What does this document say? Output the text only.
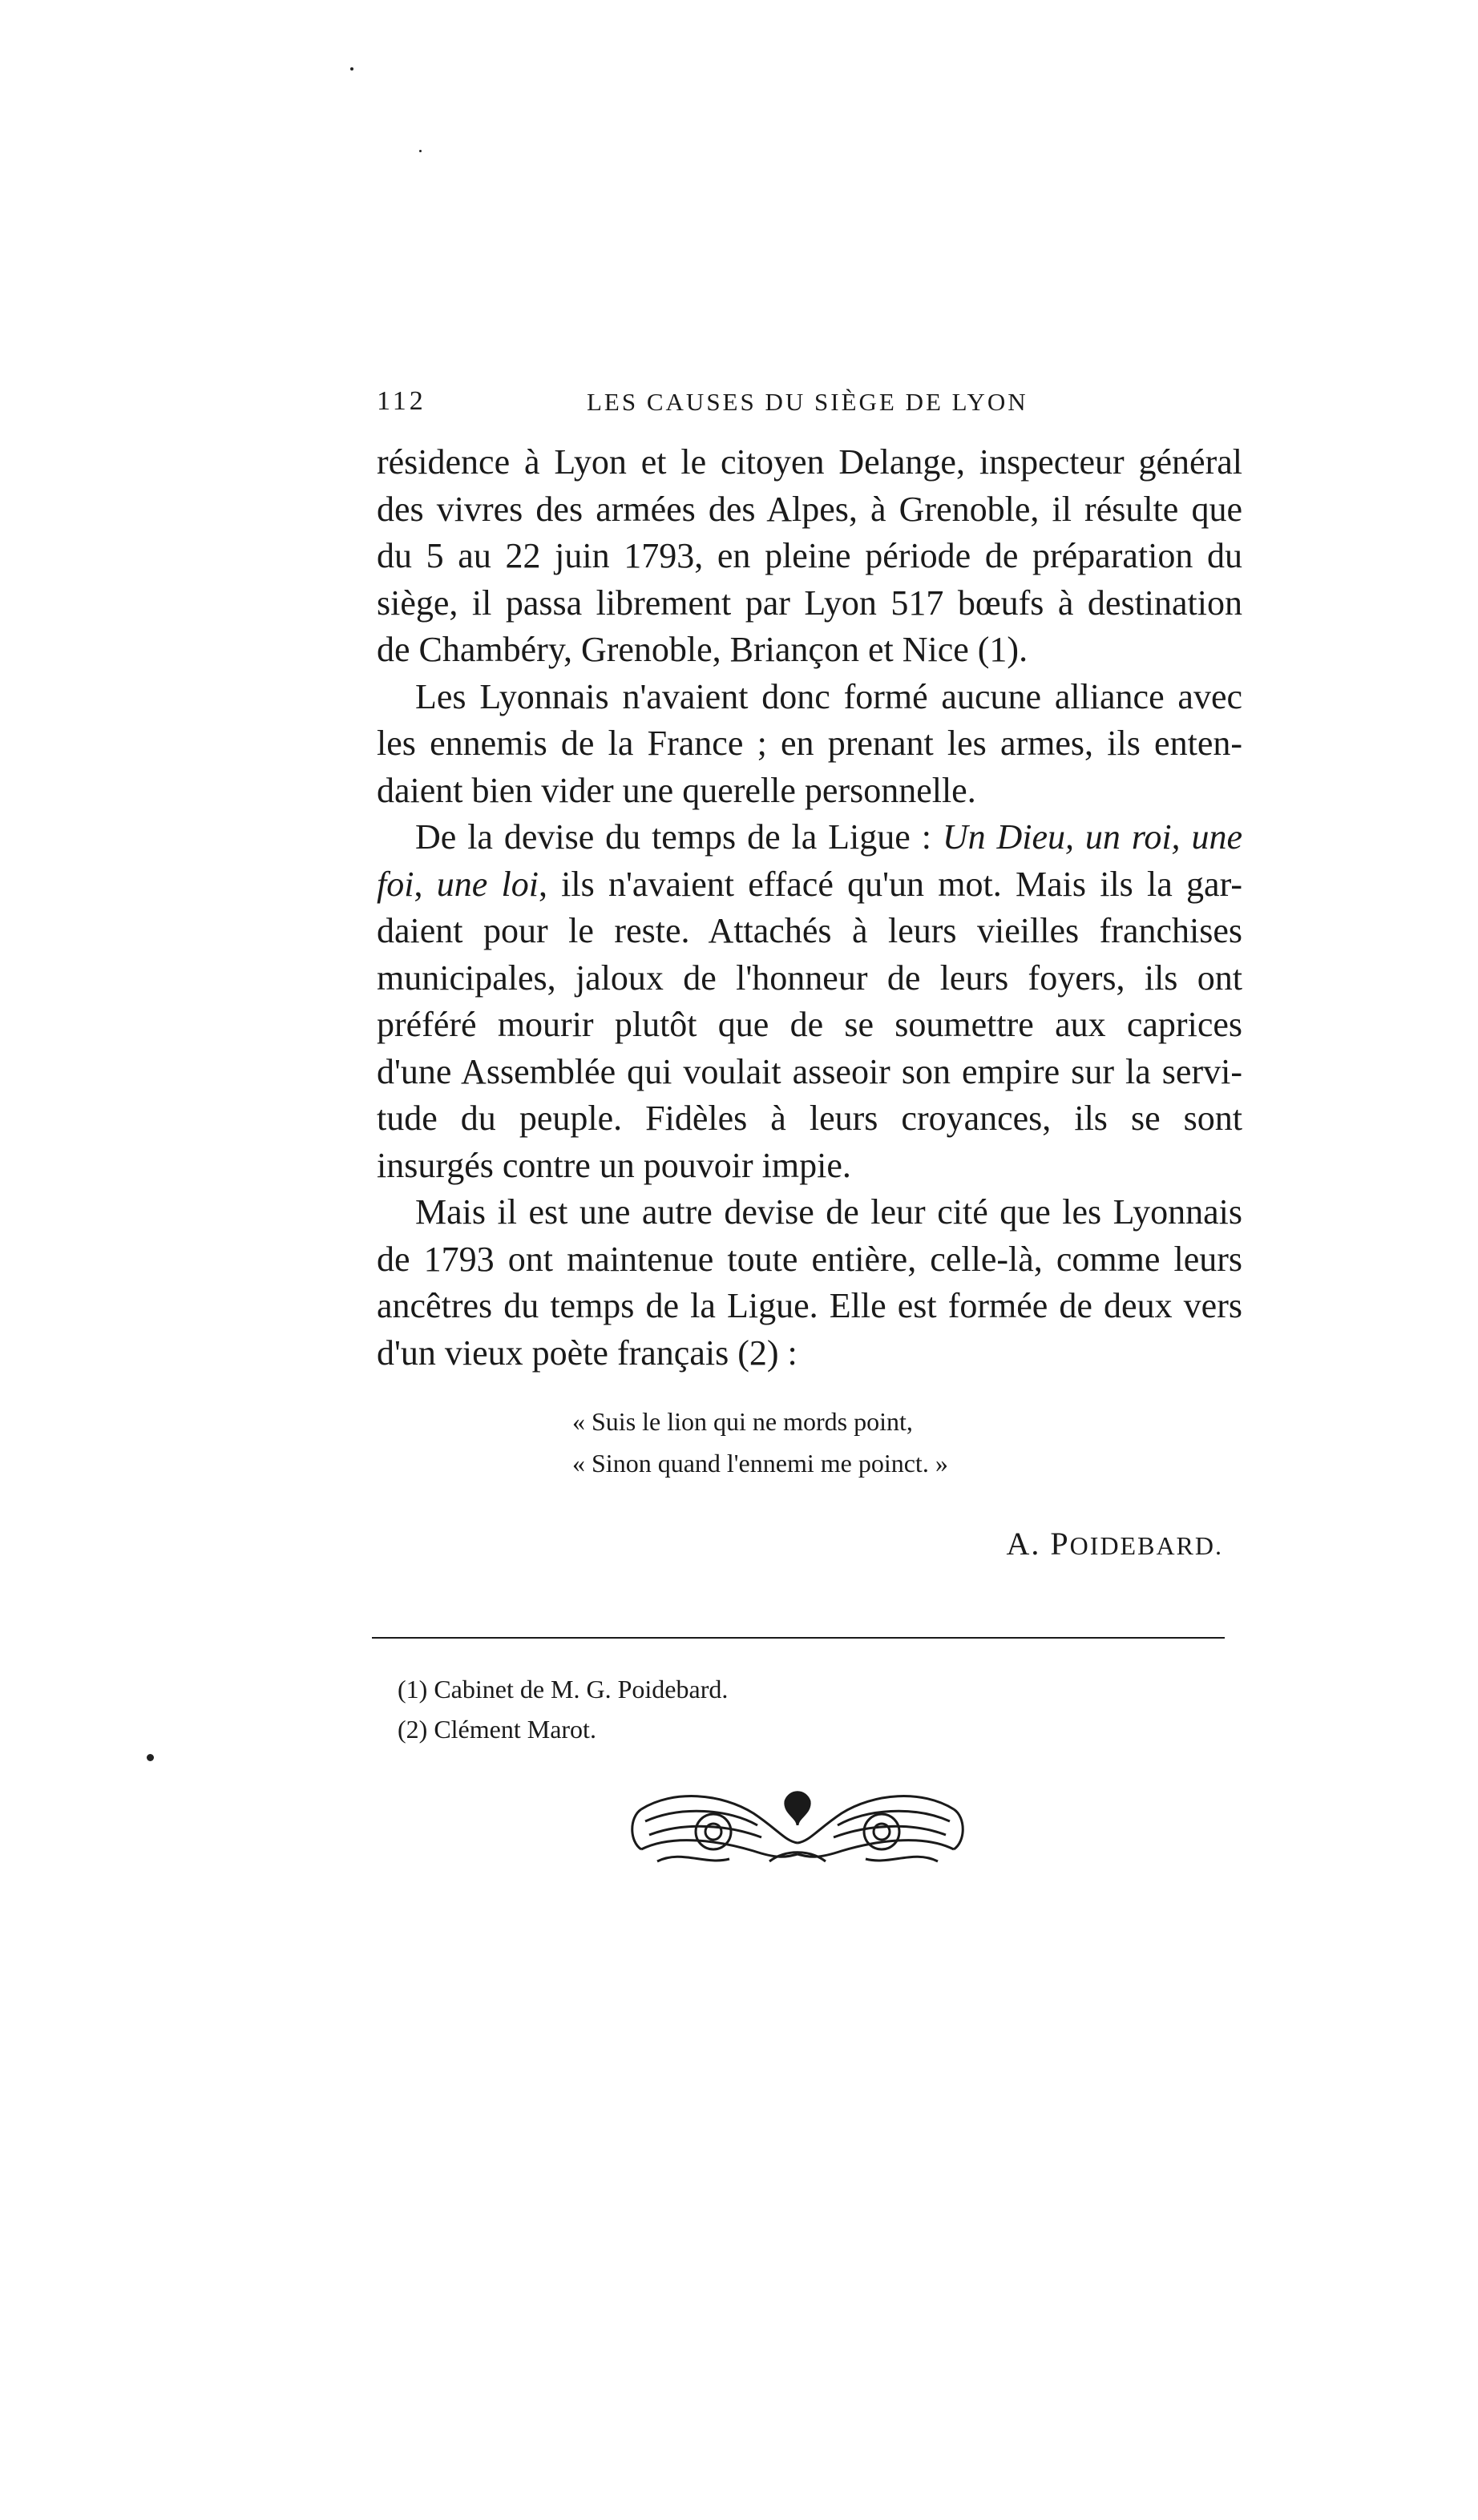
112	LES CAUSES DU SIÈGE DE LYON
résidence à Lyon et le citoyen Delange, inspecteur général
des vivres des armées des Alpes, à Grenoble, il résulte que
du 5 au 22 juin 1793, en pleine période de préparation du
siège, il passa librement par Lyon 517 bœufs à destination
de Chambéry, Grenoble, Briançon et Nice (1).
Les Lyonnais n'avaient donc formé aucune alliance avec
les ennemis de la France ; en prenant les armes, ils enten-
daient bien vider une querelle personnelle.
De la devise du temps de la Ligue : Un Dieu, un roi, une
foi, une loi, ils n'avaient effacé qu'un mot. Mais ils la gar-
daient pour le reste. Attachés à leurs vieilles franchises
municipales, jaloux de l'honneur de leurs foyers, ils ont
préféré mourir plutôt que de se soumettre aux caprices
d'une Assemblée qui voulait asseoir son empire sur la servi-
tude du peuple. Fidèles à leurs croyances, ils se sont
insurgés contre un pouvoir impie.
Mais il est une autre devise de leur cité que les Lyonnais
de 1793 ont maintenue toute entière, celle-là, comme leurs
ancêtres du temps de la Ligue. Elle est formée de deux vers
d'un vieux poète français (2) :
« Suis le lion qui ne mords point,
« Sinon quand l'ennemi me poinct. »
A. POIDEBARD.
(1) Cabinet de M. G. Poidebard.
(2) Clément Marot.
